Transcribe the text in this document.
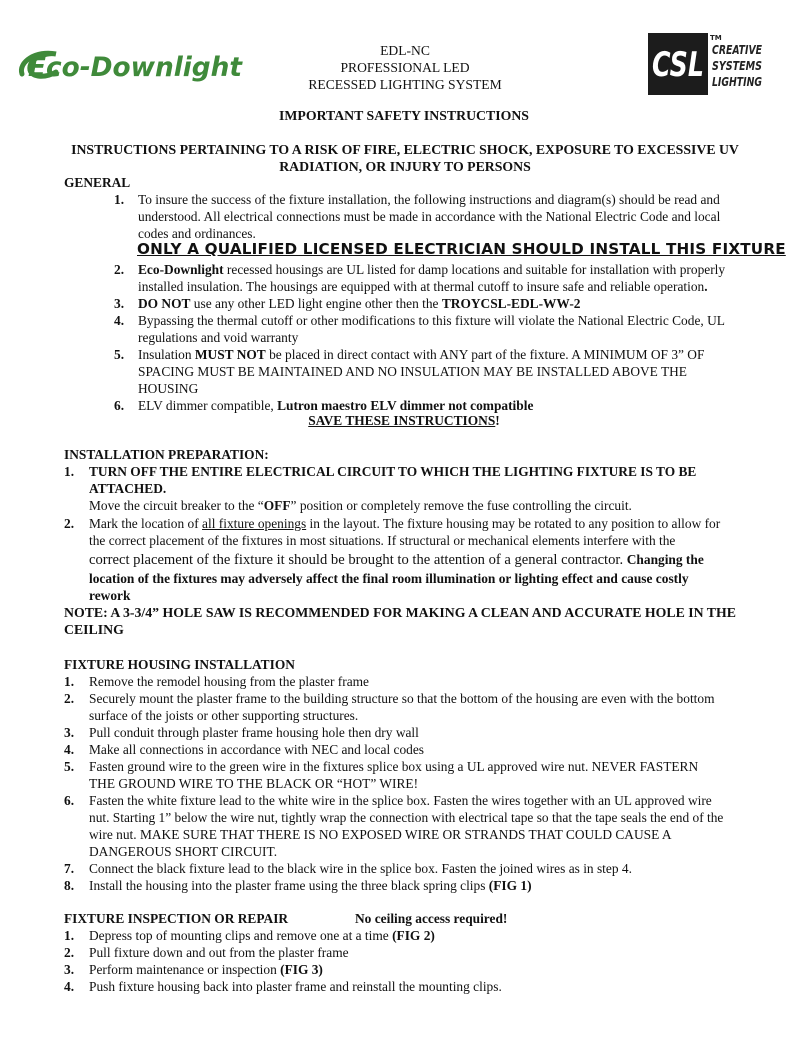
Eco-Downlight
EDL-NC
PROFESSIONAL LED
RECESSED LIGHTING SYSTEM	CSL
TM
CREATIVE
SYSTEMS
LIGHTING
IMPORTANT SAFETY INSTRUCTIONS
INSTRUCTIONS PERTAINING TO A RISK OF FIRE, ELECTRIC SHOCK, EXPOSURE TO EXCESSIVE UV RADIATION, OR INJURY TO PERSONS
GENERAL
1. To insure the success of the fixture installation, the following instructions and diagram(s) should be read and
understood. All electrical connections must be made in accordance with the National Electric Code and local
codes and ordinances.
ONLY A QUALIFIED LICENSED ELECTRICIAN SHOULD INSTALL THIS FIXTURE
2. Eco-Downlight recessed housings are UL listed for damp locations and suitable for installation with properly
installed insulation. The housings are equipped with at thermal cutoff to insure safe and reliable operation.
3. DO NOT use any other LED light engine other then the TROYCSL-EDL-WW-2
4. Bypassing the thermal cutoff or other modifications to this fixture will violate the National Electric Code, UL
regulations and void warranty
5. Insulation MUST NOT be placed in direct contact with ANY part of the fixture. A MINIMUM OF 3” OF
SPACING MUST BE MAINTAINED AND NO INSULATION MAY BE INSTALLED ABOVE THE
HOUSING
6. ELV dimmer compatible, Lutron maestro ELV dimmer not compatible
SAVE THESE INSTRUCTIONS!
INSTALLATION PREPARATION:
1. TURN OFF THE ENTIRE ELECTRICAL CIRCUIT TO WHICH THE LIGHTING FIXTURE IS TO BE
ATTACHED.
Move the circuit breaker to the “OFF” position or completely remove the fuse controlling the circuit.
2. Mark the location of all fixture openings in the layout. The fixture housing may be rotated to any position to allow for
the correct placement of the fixtures in most situations. If structural or mechanical elements interfere with the
correct placement of the fixture it should be brought to the attention of a general contractor. Changing the
location of the fixtures may adversely affect the final room illumination or lighting effect and cause costly
rework
NOTE: A 3-3/4” HOLE SAW IS RECOMMENDED FOR MAKING A CLEAN AND ACCURATE HOLE IN THE
CEILING
FIXTURE HOUSING INSTALLATION
1. Remove the remodel housing from the plaster frame
2. Securely mount the plaster frame to the building structure so that the bottom of the housing are even with the bottom
surface of the joists or other supporting structures.
3. Pull conduit through plaster frame housing hole then dry wall
4. Make all connections in accordance with NEC and local codes
5. Fasten ground wire to the green wire in the fixtures splice box using a UL approved wire nut. NEVER FASTERN
THE GROUND WIRE TO THE BLACK OR “HOT” WIRE!
6. Fasten the white fixture lead to the white wire in the splice box. Fasten the wires together with an UL approved wire
nut. Starting 1” below the wire nut, tightly wrap the connection with electrical tape so that the tape seals the end of the
wire nut. MAKE SURE THAT THERE IS NO EXPOSED WIRE OR STRANDS THAT COULD CAUSE A
DANGEROUS SHORT CIRCUIT.
7. Connect the black fixture lead to the black wire in the splice box. Fasten the joined wires as in step 4.
8. Install the housing into the plaster frame using the three black spring clips (FIG 1)
FIXTURE INSPECTION OR REPAIR	No ceiling access required!
1. Depress top of mounting clips and remove one at a time (FIG 2)
2. Pull fixture down and out from the plaster frame
3. Perform maintenance or inspection (FIG 3)
4. Push fixture housing back into plaster frame and reinstall the mounting clips.
